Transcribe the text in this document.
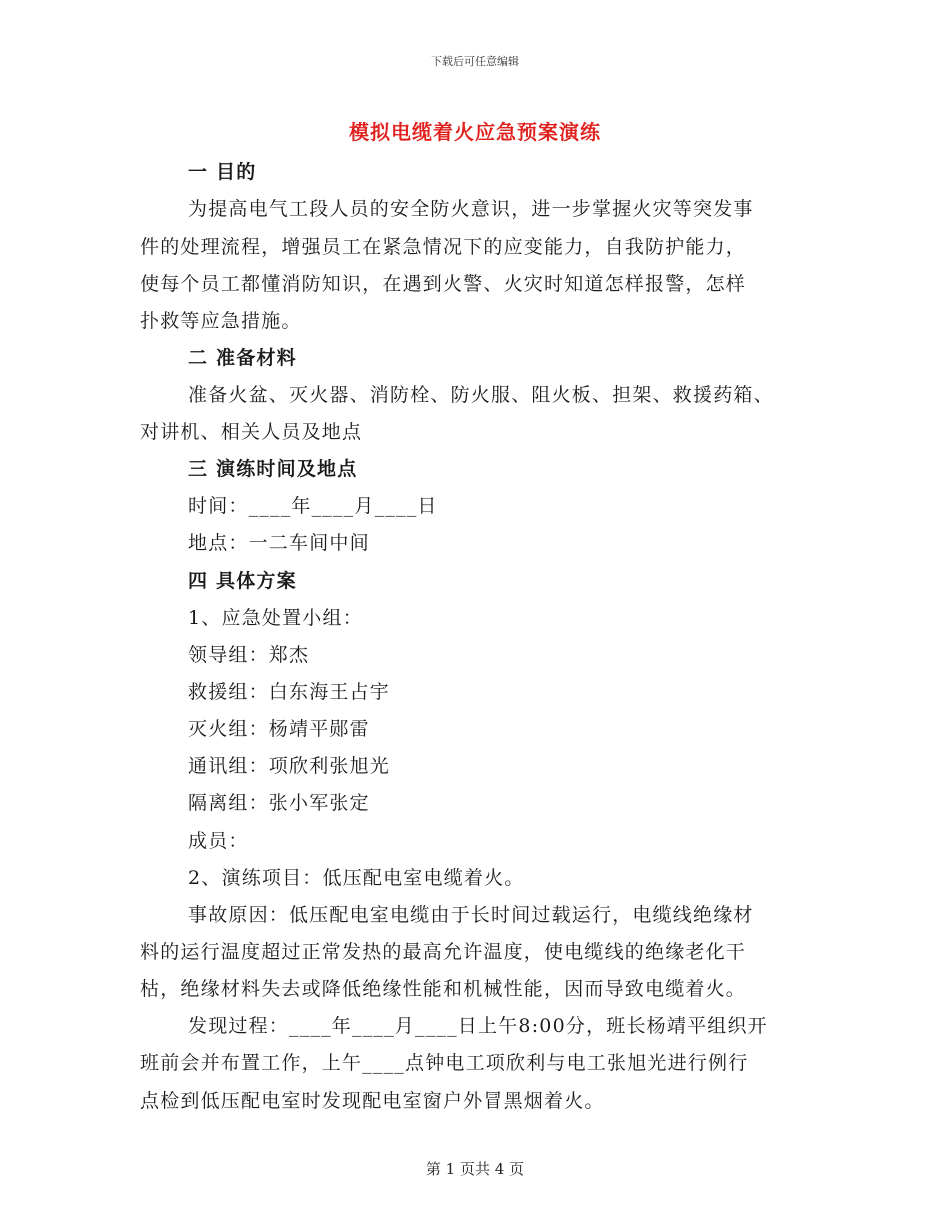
下载后可任意编辑
模拟电缆着火应急预案演练
一 目的
为提高电气工段人员的安全防火意识，进一步掌握火灾等突发事
件的处理流程，增强员工在紧急情况下的应变能力，自我防护能力，
使每个员工都懂消防知识，在遇到火警、火灾时知道怎样报警，怎样
扑救等应急措施。
二 准备材料
准备火盆、灭火器、消防栓、防火服、阻火板、担架、救援药箱、
对讲机、相关人员及地点
三 演练时间及地点
时间：____年____月____日
地点：一二车间中间
四 具体方案
1、应急处置小组：
领导组：郑杰
救援组：白东海王占宇
灭火组：杨靖平郧雷
通讯组：项欣利张旭光
隔离组：张小军张定
成员：
2、演练项目：低压配电室电缆着火。
事故原因：低压配电室电缆由于长时间过载运行，电缆线绝缘材
料的运行温度超过正常发热的最高允许温度，使电缆线的绝缘老化干
枯，绝缘材料失去或降低绝缘性能和机械性能，因而导致电缆着火。
发现过程：____年____月____日上午8:00分，班长杨靖平组织开
班前会并布置工作，上午____点钟电工项欣利与电工张旭光进行例行
点检到低压配电室时发现配电室窗户外冒黑烟着火。
第 1 页共 4 页
